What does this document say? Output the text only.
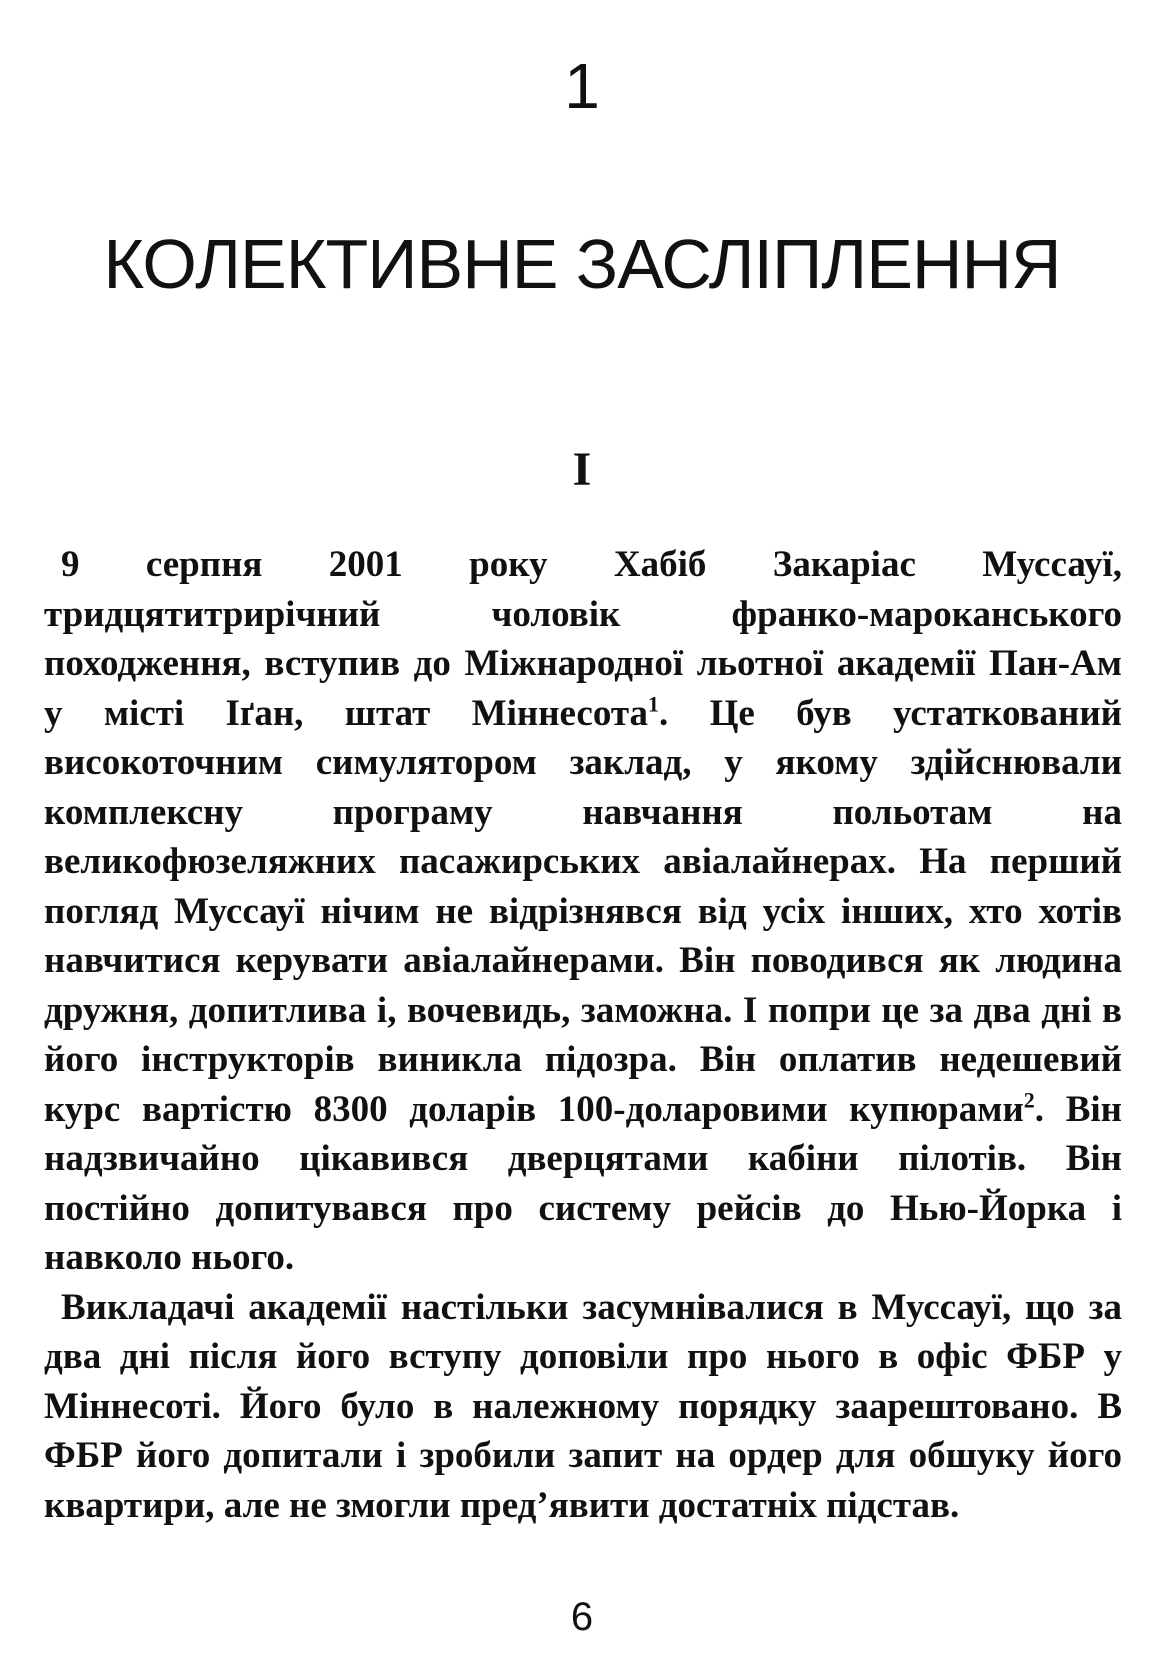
1
КОЛЕКТИВНЕ ЗАСЛІПЛЕННЯ
I

9 серпня 2001 року Хабіб Закаріас Муссауї, тридцятитрирічний чоловік франко-мароканського походження, вступив до Міжнародної льотної академії Пан-Ам у місті Іґан, штат Міннесота$^1$. Це був устаткований високоточним симулятором заклад, у якому здійснювали комплексну програму навчання польотам на великофюзеляжних пасажирських авіалайнерах. На перший погляд Муссауї нічим не відрізнявся від усіх інших, хто хотів навчитися керувати авіалайнерами. Він поводився як людина дружня, допитлива і, вочевидь, заможна. І попри це за два дні в його інструкторів виникла підозра. Він оплатив недешевий курс вартістю 8300 доларів 100-доларовими купюрами$^2$. Він надзвичайно цікавився дверцятами кабіни пілотів. Він постійно допитувався про систему рейсів до Нью-Йорка і навколо нього.

Викладачі академії настільки засумнівалися в Муссауї, що за два дні після його вступу доповіли про нього в офіс ФБР у Міннесоті. Його було в належному порядку заарештовано. В ФБР його допитали і зробили запит на ордер для обшуку його квартири, але не змогли пред’явити достатніх підстав.

6
